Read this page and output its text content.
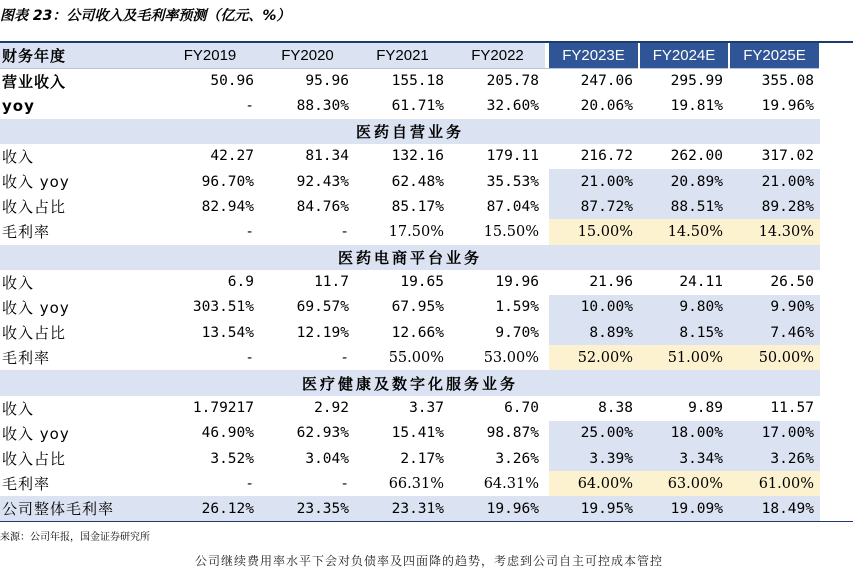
图表 23：公司收入及毛利率预测（亿元、%）
财务年度	FY2019	FY2020	FY2021	FY2022		FY2023E	FY2024E	FY2025E
营业收入	50.96	95.96	155.18	205.78		247.06	295.99	355.08
yoy	-	88.30%	61.71%	32.60%		20.06%	19.81%	19.96%
医药自营业务								
收入	42.27	81.34	132.16	179.11		216.72	262.00	317.02
收入 yoy	96.70%	92.43%	62.48%	35.53%		21.00%	20.89%	21.00%
收入占比	82.94%	84.76%	85.17%	87.04%		87.72%	88.51%	89.28%
毛利率	-	-	17.50%	15.50%		15.00%	14.50%	14.30%
医药电商平台业务								
收入	6.9	11.7	19.65	19.96		21.96	24.11	26.50
收入 yoy	303.51%	69.57%	67.95%	1.59%		10.00%	9.80%	9.90%
收入占比	13.54%	12.19%	12.66%	9.70%		8.89%	8.15%	7.46%
毛利率	-	-	55.00%	53.00%		52.00%	51.00%	50.00%
医疗健康及数字化服务业务								
收入	1.79217	2.92	3.37	6.70		8.38	9.89	11.57
收入 yoy	46.90%	62.93%	15.41%	98.87%		25.00%	18.00%	17.00%
收入占比	3.52%	3.04%	2.17%	3.26%		3.39%	3.34%	3.26%
毛利率	-	-	66.31%	64.31%		64.00%	63.00%	61.00%
公司整体毛利率	26.12%	23.35%	23.31%	19.96%		19.95%	19.09%	18.49%
来源：公司年报，国金证券研究所
公司继续费用率水平下会对负债率及四面降的趋势，考虑到公司自主可控成本管控
